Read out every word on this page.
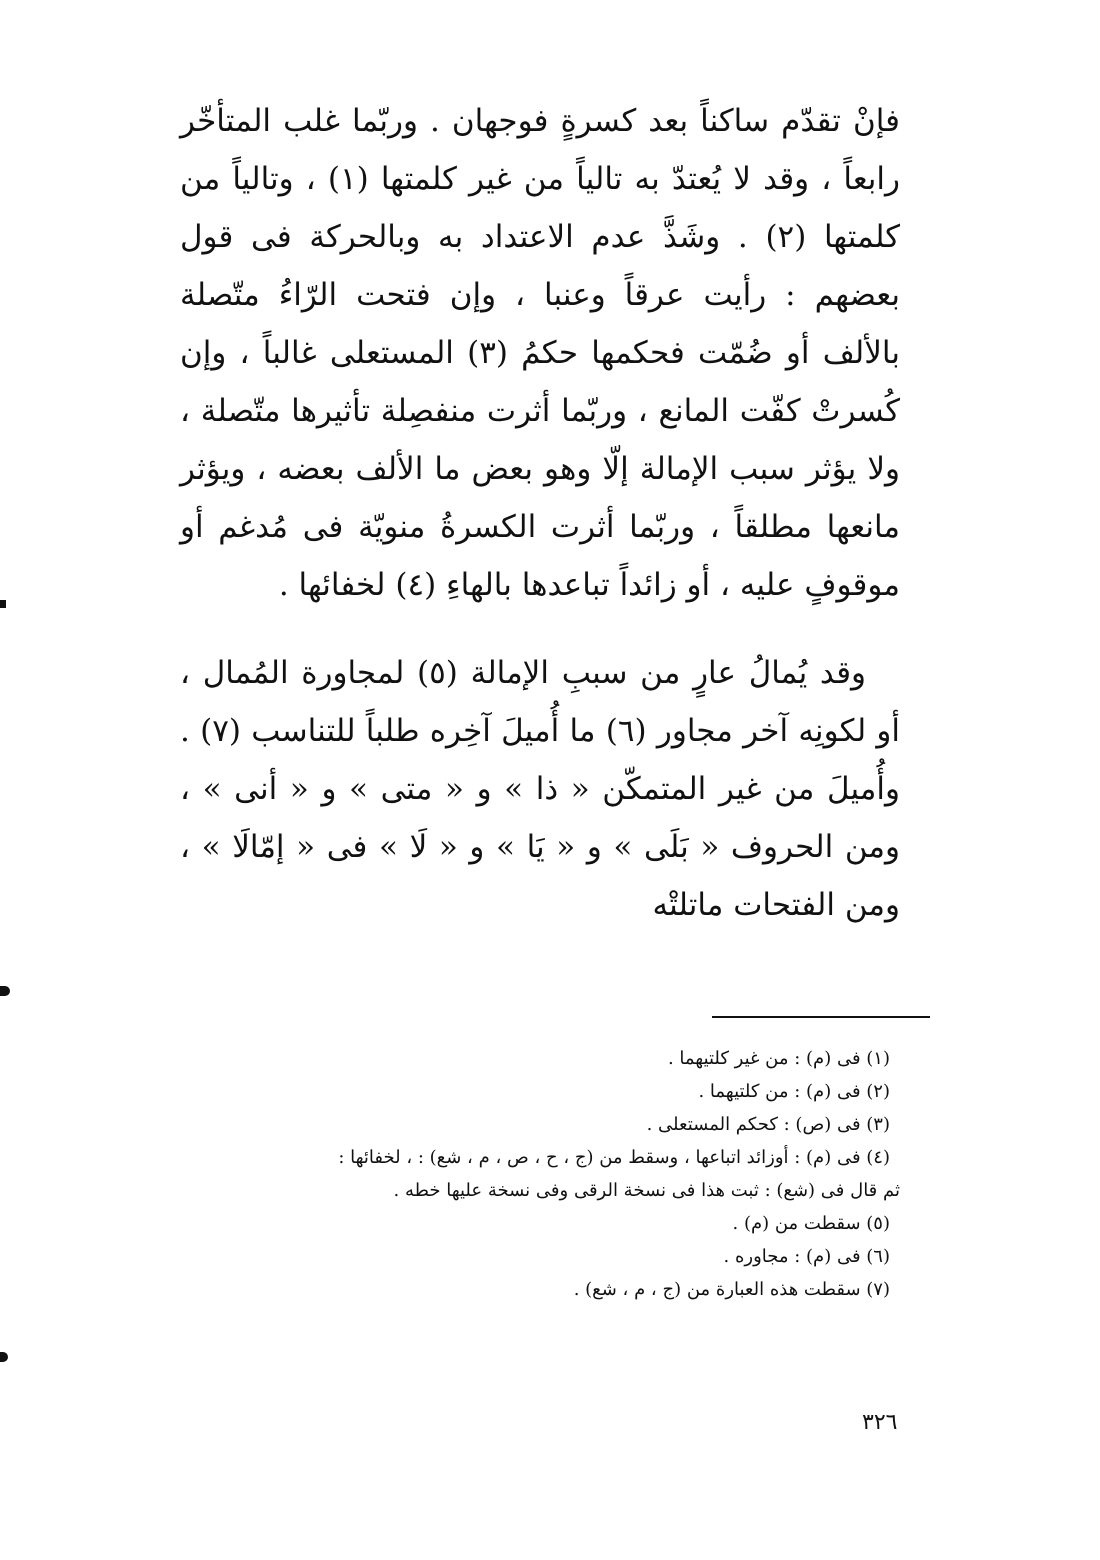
فإنْ تقدّم ساكناً بعد كسرةٍ فوجهان . وربّما غلب المتأخّر رابعاً ، وقد لا يُعتدّ به تالياً من غير كلمتها (١) ، وتالياً من كلمتها (٢) . وشَذَّ عدم الاعتداد به وبالحركة فى قول بعضهم : رأيت عرقاً وعنبا ، وإن فتحت الرّاءُ متّصلة بالألف أو ضُمّت فحكمها حكمُ (٣) المستعلى غالباً ، وإن كُسرتْ كفّت المانع ، وربّما أثرت منفصِلة تأثيرها متّصلة ، ولا يؤثر سبب الإمالة إلّا وهو بعض ما الألف بعضه ، ويؤثر مانعها مطلقاً ، وربّما أثرت الكسرةُ منويّة فى مُدغم أو موقوفٍ عليه ، أو زائداً تباعدها بالهاءِ (٤) لخفائها .

وقد يُمالُ عارٍ من سببِ الإمالة (٥) لمجاورة المُمال ، أو لكونِه آخر مجاور (٦) ما أُميلَ آخِره طلباً للتناسب (٧) . وأُميلَ من غير المتمكّن « ذا » و « متى » و « أنى » ، ومن الحروف « بَلَى » و « يَا » و « لَا » فى « إمّالَا » ، ومن الفتحات ماتلتْه

(١) فى (م) : من غير كلتيهما .

(٢) فى (م) : من كلتيهما .

(٣) فى (ص) : كحكم المستعلى .

(٤) فى (م) : أوزائد اتباعها ، وسقط من (ج ، ح ، ص ، م ، شع) : ، لخفائها :

ثم قال فى (شع) : ثبت هذا فى نسخة الرقى وفى نسخة عليها خطه .

(٥) سقطت من (م) .

(٦) فى (م) : مجاوره .

(٧) سقطت هذه العبارة من (ج ، م ، شع) .

٣٢٦
